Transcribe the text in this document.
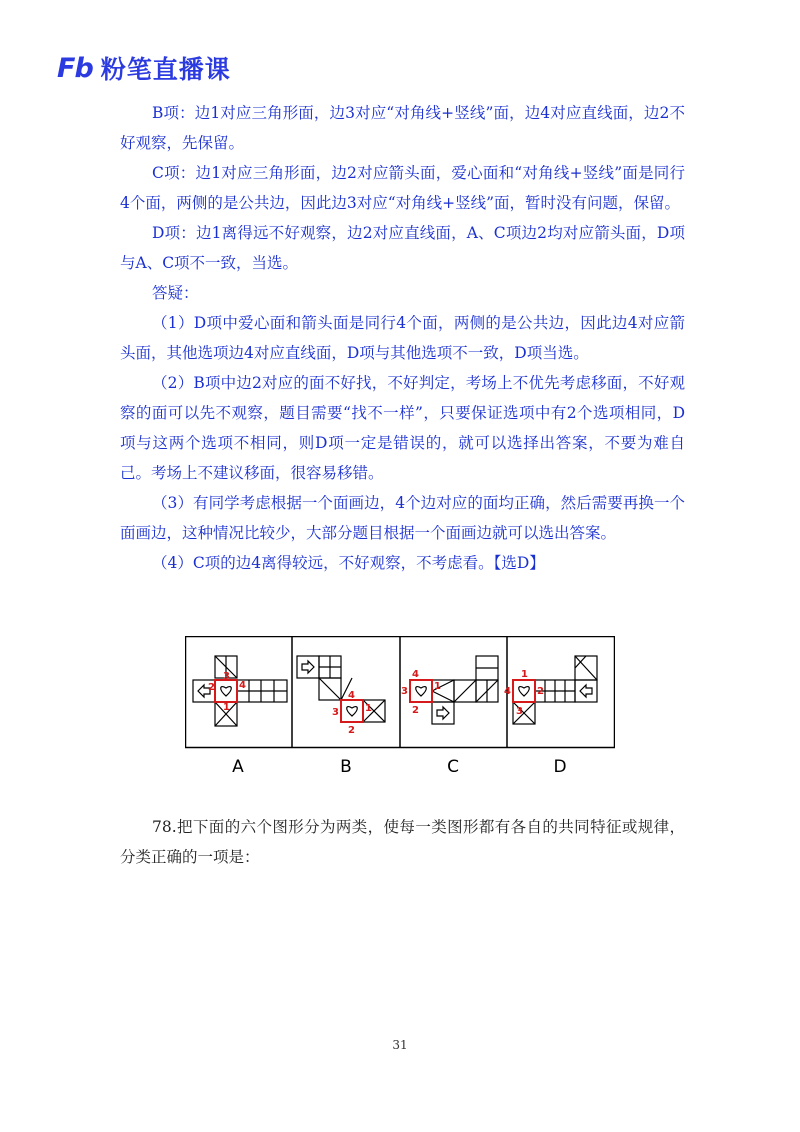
Fb 粉笔直播课

B项：边1对应三角形面，边3对应“对角线+竖线”面，边4对应直线面，边2不好观察，先保留。

C项：边1对应三角形面，边2对应箭头面，爱心面和“对角线+竖线”面是同行4个面，两侧的是公共边，因此边3对应“对角线+竖线”面，暂时没有问题，保留。

D项：边1离得远不好观察，边2对应直线面，A、C项边2均对应箭头面，D项与A、C项不一致，当选。

答疑：

（1）D项中爱心面和箭头面是同行4个面，两侧的是公共边，因此边4对应箭头面，其他选项边4对应直线面，D项与其他选项不一致，D项当选。

（2）B项中边2对应的面不好找，不好判定，考场上不优先考虑移面，不好观察的面可以先不观察，题目需要“找不一样”，只要保证选项中有2个选项相同，D项与这两个选项不相同，则D项一定是错误的，就可以选择出答案，不要为难自己。考场上不建议移面，很容易移错。

（3）有同学考虑根据一个面画边，4个边对应的面均正确，然后需要再换一个面画边，这种情况比较少，大部分题目根据一个面画边就可以选出答案。

（4）C项的边4离得较远，不好观察，不考虑看。【选D】

3
4
2
1
4
3	1
2
4
3	1
2
1
2
4
3
A	B	C	D

78.把下面的六个图形分为两类，使每一类图形都有各自的共同特征或规律，分类正确的一项是：

31
